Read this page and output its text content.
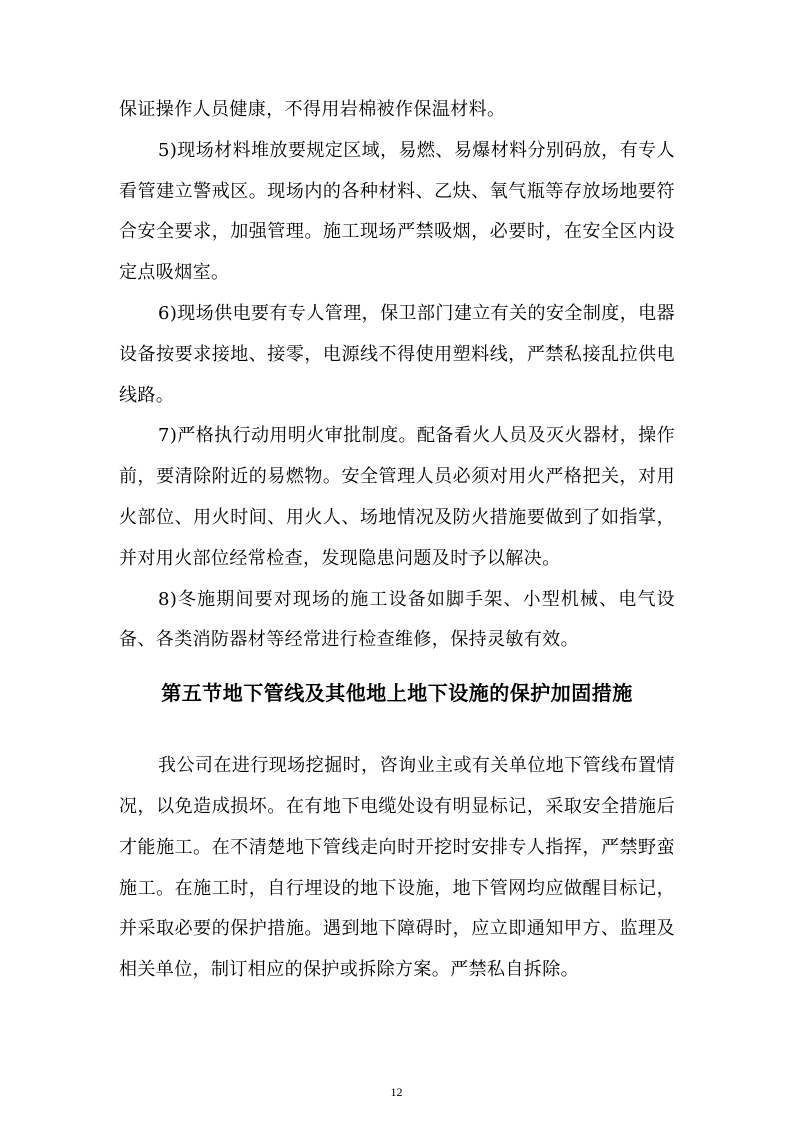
保证操作人员健康，不得用岩棉被作保温材料。

5)现场材料堆放要规定区域，易燃、易爆材料分别码放，有专人看管建立警戒区。现场内的各种材料、乙炔、氧气瓶等存放场地要符合安全要求，加强管理。施工现场严禁吸烟，必要时，在安全区内设定点吸烟室。

6)现场供电要有专人管理，保卫部门建立有关的安全制度，电器设备按要求接地、接零，电源线不得使用塑料线，严禁私接乱拉供电线路。

7)严格执行动用明火审批制度。配备看火人员及灭火器材，操作前，要清除附近的易燃物。安全管理人员必须对用火严格把关，对用火部位、用火时间、用火人、场地情况及防火措施要做到了如指掌，并对用火部位经常检查，发现隐患问题及时予以解决。

8)冬施期间要对现场的施工设备如脚手架、小型机械、电气设备、各类消防器材等经常进行检查维修，保持灵敏有效。

第五节地下管线及其他地上地下设施的保护加固措施

我公司在进行现场挖掘时，咨询业主或有关单位地下管线布置情况，以免造成损坏。在有地下电缆处设有明显标记，采取安全措施后才能施工。在不清楚地下管线走向时开挖时安排专人指挥，严禁野蛮施工。在施工时，自行埋设的地下设施，地下管网均应做醒目标记，并采取必要的保护措施。遇到地下障碍时，应立即通知甲方、监理及相关单位，制订相应的保护或拆除方案。严禁私自拆除。

12
